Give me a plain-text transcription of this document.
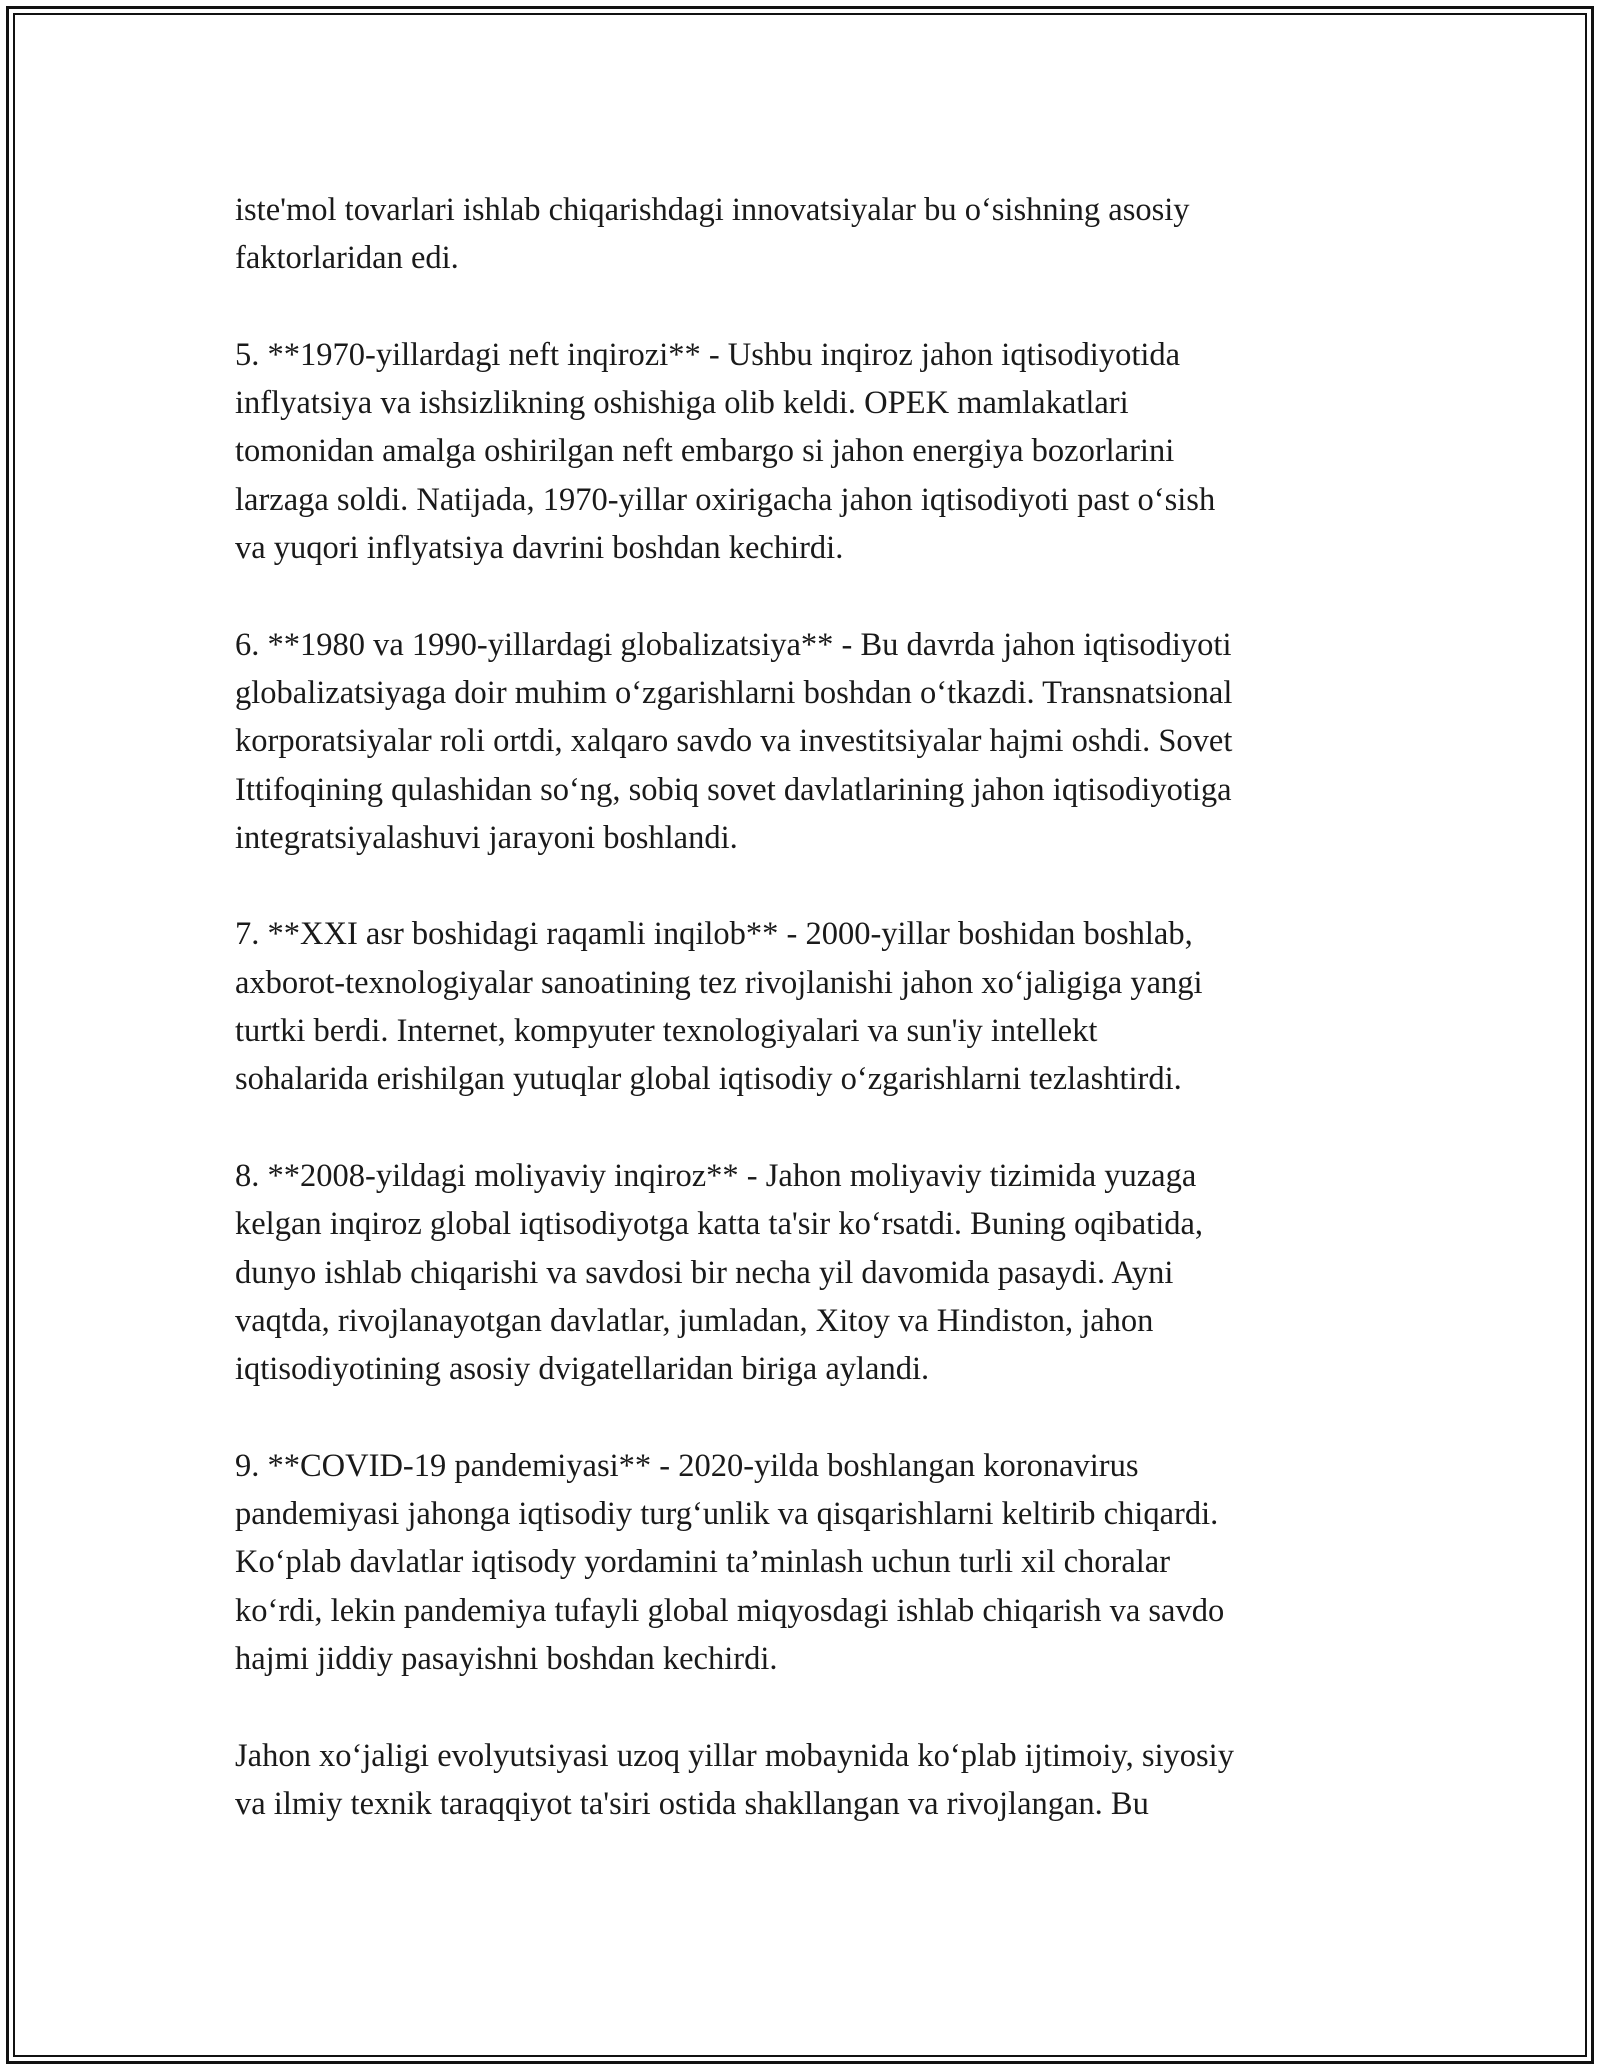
iste'mol tovarlari ishlab chiqarishdagi innovatsiyalar bu o‘sishning asosiy
faktorlaridan edi.
5. **1970-yillardagi neft inqirozi** - Ushbu inqiroz jahon iqtisodiyotida
inflyatsiya va ishsizlikning oshishiga olib keldi. OPEK mamlakatlari
tomonidan amalga oshirilgan neft embargo si jahon energiya bozorlarini
larzaga soldi. Natijada, 1970-yillar oxirigacha jahon iqtisodiyoti past o‘sish
va yuqori inflyatsiya davrini boshdan kechirdi.
6. **1980 va 1990-yillardagi globalizatsiya** - Bu davrda jahon iqtisodiyoti
globalizatsiyaga doir muhim o‘zgarishlarni boshdan o‘tkazdi. Transnatsional
korporatsiyalar roli ortdi, xalqaro savdo va investitsiyalar hajmi oshdi. Sovet
Ittifoqining qulashidan so‘ng, sobiq sovet davlatlarining jahon iqtisodiyotiga
integratsiyalashuvi jarayoni boshlandi.
7. **XXI asr boshidagi raqamli inqilob** - 2000-yillar boshidan boshlab,
axborot-texnologiyalar sanoatining tez rivojlanishi jahon xo‘jaligiga yangi
turtki berdi. Internet, kompyuter texnologiyalari va sun'iy intellekt
sohalarida erishilgan yutuqlar global iqtisodiy o‘zgarishlarni tezlashtirdi.
8. **2008-yildagi moliyaviy inqiroz** - Jahon moliyaviy tizimida yuzaga
kelgan inqiroz global iqtisodiyotga katta ta'sir ko‘rsatdi. Buning oqibatida,
dunyo ishlab chiqarishi va savdosi bir necha yil davomida pasaydi. Ayni
vaqtda, rivojlanayotgan davlatlar, jumladan, Xitoy va Hindiston, jahon
iqtisodiyotining asosiy dvigatellaridan biriga aylandi.
9. **COVID-19 pandemiyasi** - 2020-yilda boshlangan koronavirus
pandemiyasi jahonga iqtisodiy turg‘unlik va qisqarishlarni keltirib chiqardi.
Ko‘plab davlatlar iqtisody yordamini ta’minlash uchun turli xil choralar
ko‘rdi, lekin pandemiya tufayli global miqyosdagi ishlab chiqarish va savdo
hajmi jiddiy pasayishni boshdan kechirdi.
Jahon xo‘jaligi evolyutsiyasi uzoq yillar mobaynida ko‘plab ijtimoiy, siyosiy
va ilmiy texnik taraqqiyot ta'siri ostida shakllangan va rivojlangan. Bu
